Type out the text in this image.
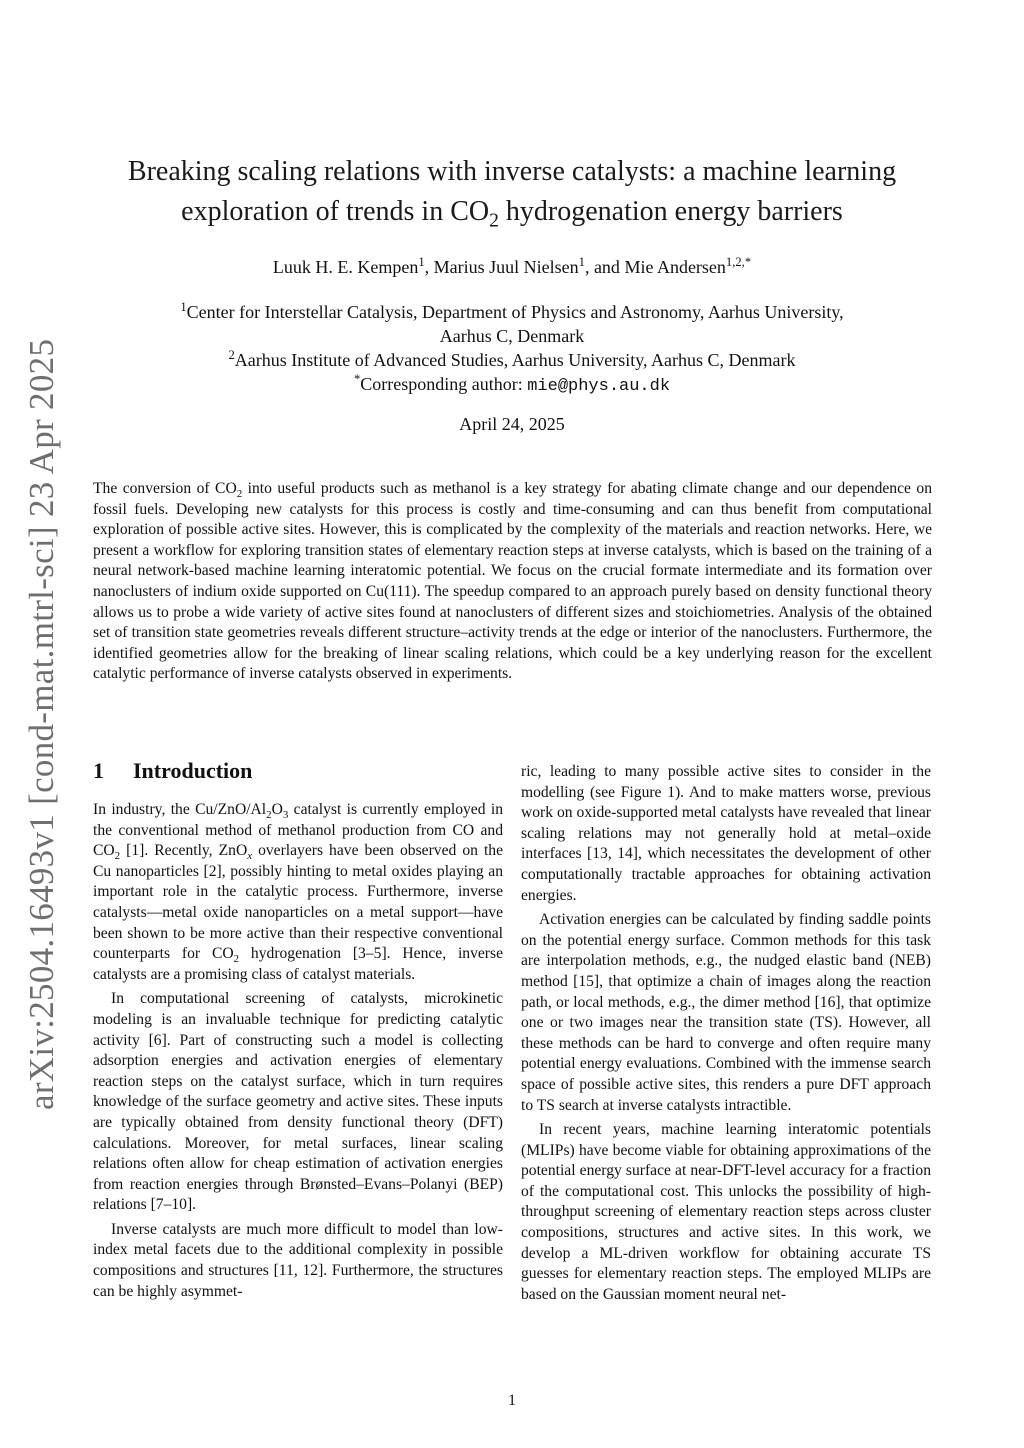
arXiv:2504.16493v1 [cond-mat.mtrl-sci] 23 Apr 2025
Breaking scaling relations with inverse catalysts: a machine learning
exploration of trends in $CO_2$ hydrogenation energy barriers
Luuk H. E. Kempen$^1$, Marius Juul Nielsen$^1$, and Mie Andersen$^{1,2,*}$
$^1$Center for Interstellar Catalysis, Department of Physics and Astronomy, Aarhus University,
Aarhus C, Denmark
$^2$Aarhus Institute of Advanced Studies, Aarhus University, Aarhus C, Denmark
*Corresponding author: mie@phys.au.dk
April 24, 2025

The conversion of $CO_2$ into useful products such as methanol is a key strategy for abating climate change and our dependence on fossil fuels. Developing new catalysts for this process is costly and time-consuming and can thus benefit from computational exploration of possible active sites. However, this is complicated by the complexity of the materials and reaction networks. Here, we present a workflow for exploring transition states of elementary reaction steps at inverse catalysts, which is based on the training of a neural network-based machine learning interatomic potential. We focus on the crucial formate intermediate and its formation over nanoclusters of indium oxide supported on Cu(111). The speedup compared to an approach purely based on density functional theory allows us to probe a wide variety of active sites found at nanoclusters of different sizes and stoichiometries. Analysis of the obtained set of transition state geometries reveals different structure–activity trends at the edge or interior of the nanoclusters. Furthermore, the identified geometries allow for the breaking of linear scaling relations, which could be a key underlying reason for the excellent catalytic performance of inverse catalysts observed in experiments.

1 Introduction

In industry, the $Cu/ZnO/Al_2O_3$ catalyst is currently employed in the conventional method of methanol production from CO and $CO_2$ [1]. Recently, ZnO$_x$ overlayers have been observed on the Cu nanoparticles [2], possibly hinting to metal oxides playing an important role in the catalytic process. Furthermore, inverse catalysts—metal oxide nanoparticles on a metal support—have been shown to be more active than their respective conventional counterparts for $CO_2$ hydrogenation [3–5]. Hence, inverse catalysts are a promising class of catalyst materials.

In computational screening of catalysts, microkinetic modeling is an invaluable technique for predicting catalytic activity [6]. Part of constructing such a model is collecting adsorption energies and activation energies of elementary reaction steps on the catalyst surface, which in turn requires knowledge of the surface geometry and active sites. These inputs are typically obtained from density functional theory (DFT) calculations. Moreover, for metal surfaces, linear scaling relations often allow for cheap estimation of activation energies from reaction energies through Brønsted–Evans–Polanyi (BEP) relations [7–10].

Inverse catalysts are much more difficult to model than low-index metal facets due to the additional complexity in possible compositions and structures [11, 12]. Furthermore, the structures can be highly asymmet-

ric, leading to many possible active sites to consider in the modelling (see Figure 1). And to make matters worse, previous work on oxide-supported metal catalysts have revealed that linear scaling relations may not generally hold at metal–oxide interfaces [13, 14], which necessitates the development of other computationally tractable approaches for obtaining activation energies.

Activation energies can be calculated by finding saddle points on the potential energy surface. Common methods for this task are interpolation methods, e.g., the nudged elastic band (NEB) method [15], that optimize a chain of images along the reaction path, or local methods, e.g., the dimer method [16], that optimize one or two images near the transition state (TS). However, all these methods can be hard to converge and often require many potential energy evaluations. Combined with the immense search space of possible active sites, this renders a pure DFT approach to TS search at inverse catalysts intractible.

In recent years, machine learning interatomic potentials (MLIPs) have become viable for obtaining approximations of the potential energy surface at near-DFT-level accuracy for a fraction of the computational cost. This unlocks the possibility of high-throughput screening of elementary reaction steps across cluster compositions, structures and active sites. In this work, we develop a ML-driven workflow for obtaining accurate TS guesses for elementary reaction steps. The employed MLIPs are based on the Gaussian moment neural net-

1
